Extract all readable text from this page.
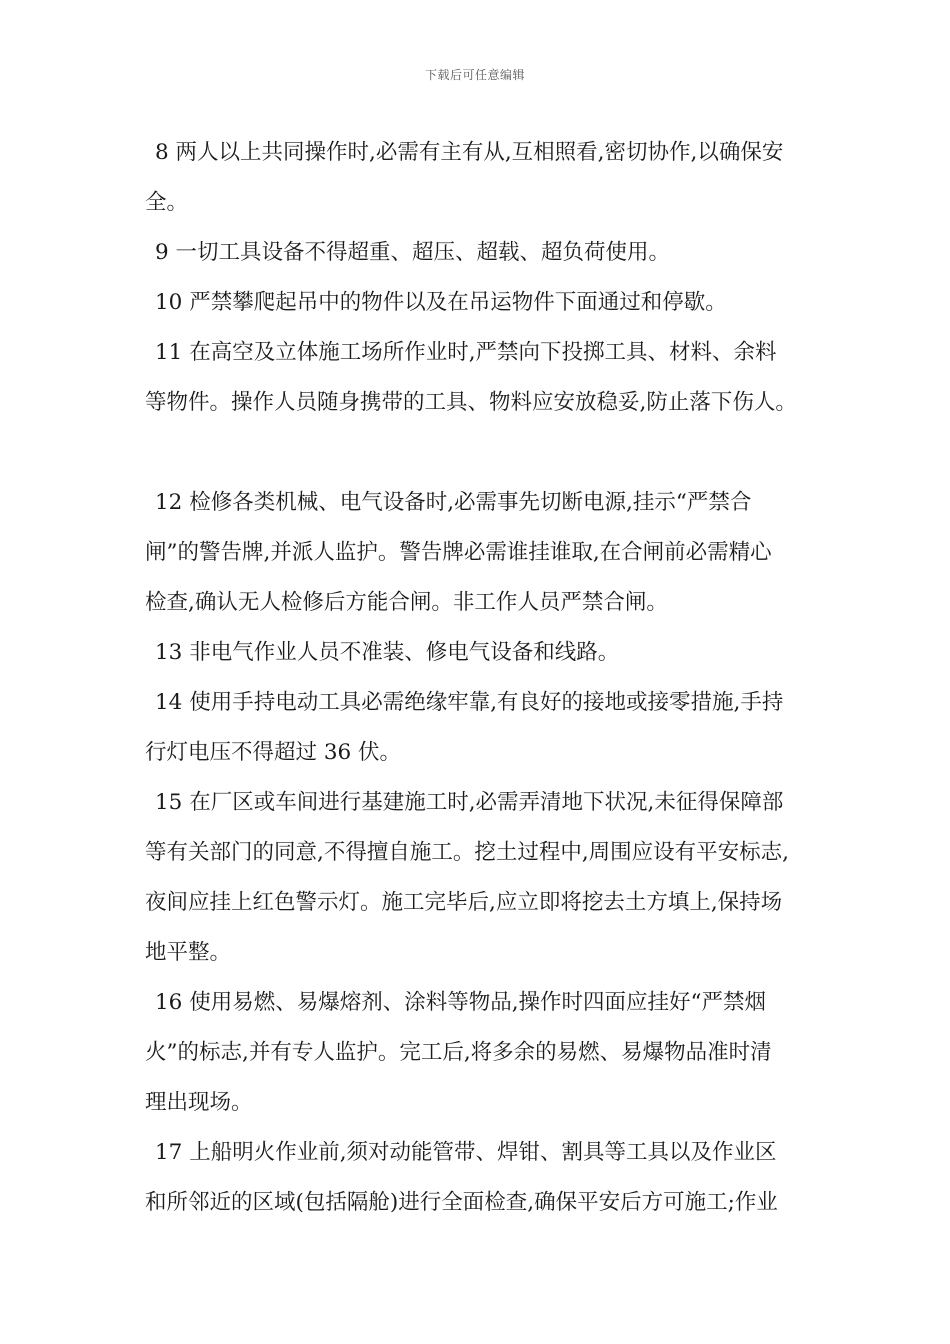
下载后可任意编辑
8 两人以上共同操作时,必需有主有从,互相照看,密切协作,以确保安
全。
9 一切工具设备不得超重、超压、超载、超负荷使用。
10 严禁攀爬起吊中的物件以及在吊运物件下面通过和停歇。
11 在高空及立体施工场所作业时,严禁向下投掷工具、材料、余料
等物件。操作人员随身携带的工具、物料应安放稳妥,防止落下伤人。
12 检修各类机械、电气设备时,必需事先切断电源,挂示“严禁合
闸”的警告牌,并派人监护。警告牌必需谁挂谁取,在合闸前必需精心
检查,确认无人检修后方能合闸。非工作人员严禁合闸。
13 非电气作业人员不准装、修电气设备和线路。
14 使用手持电动工具必需绝缘牢靠,有良好的接地或接零措施,手持
行灯电压不得超过 36 伏。
15 在厂区或车间进行基建施工时,必需弄清地下状况,未征得保障部
等有关部门的同意,不得擅自施工。挖土过程中,周围应设有平安标志,
夜间应挂上红色警示灯。施工完毕后,应立即将挖去土方填上,保持场
地平整。
16 使用易燃、易爆熔剂、涂料等物品,操作时四面应挂好“严禁烟
火”的标志,并有专人监护。完工后,将多余的易燃、易爆物品准时清
理出现场。
17 上船明火作业前,须对动能管带、焊钳、割具等工具以及作业区
和所邻近的区域(包括隔舱)进行全面检查,确保平安后方可施工;作业
